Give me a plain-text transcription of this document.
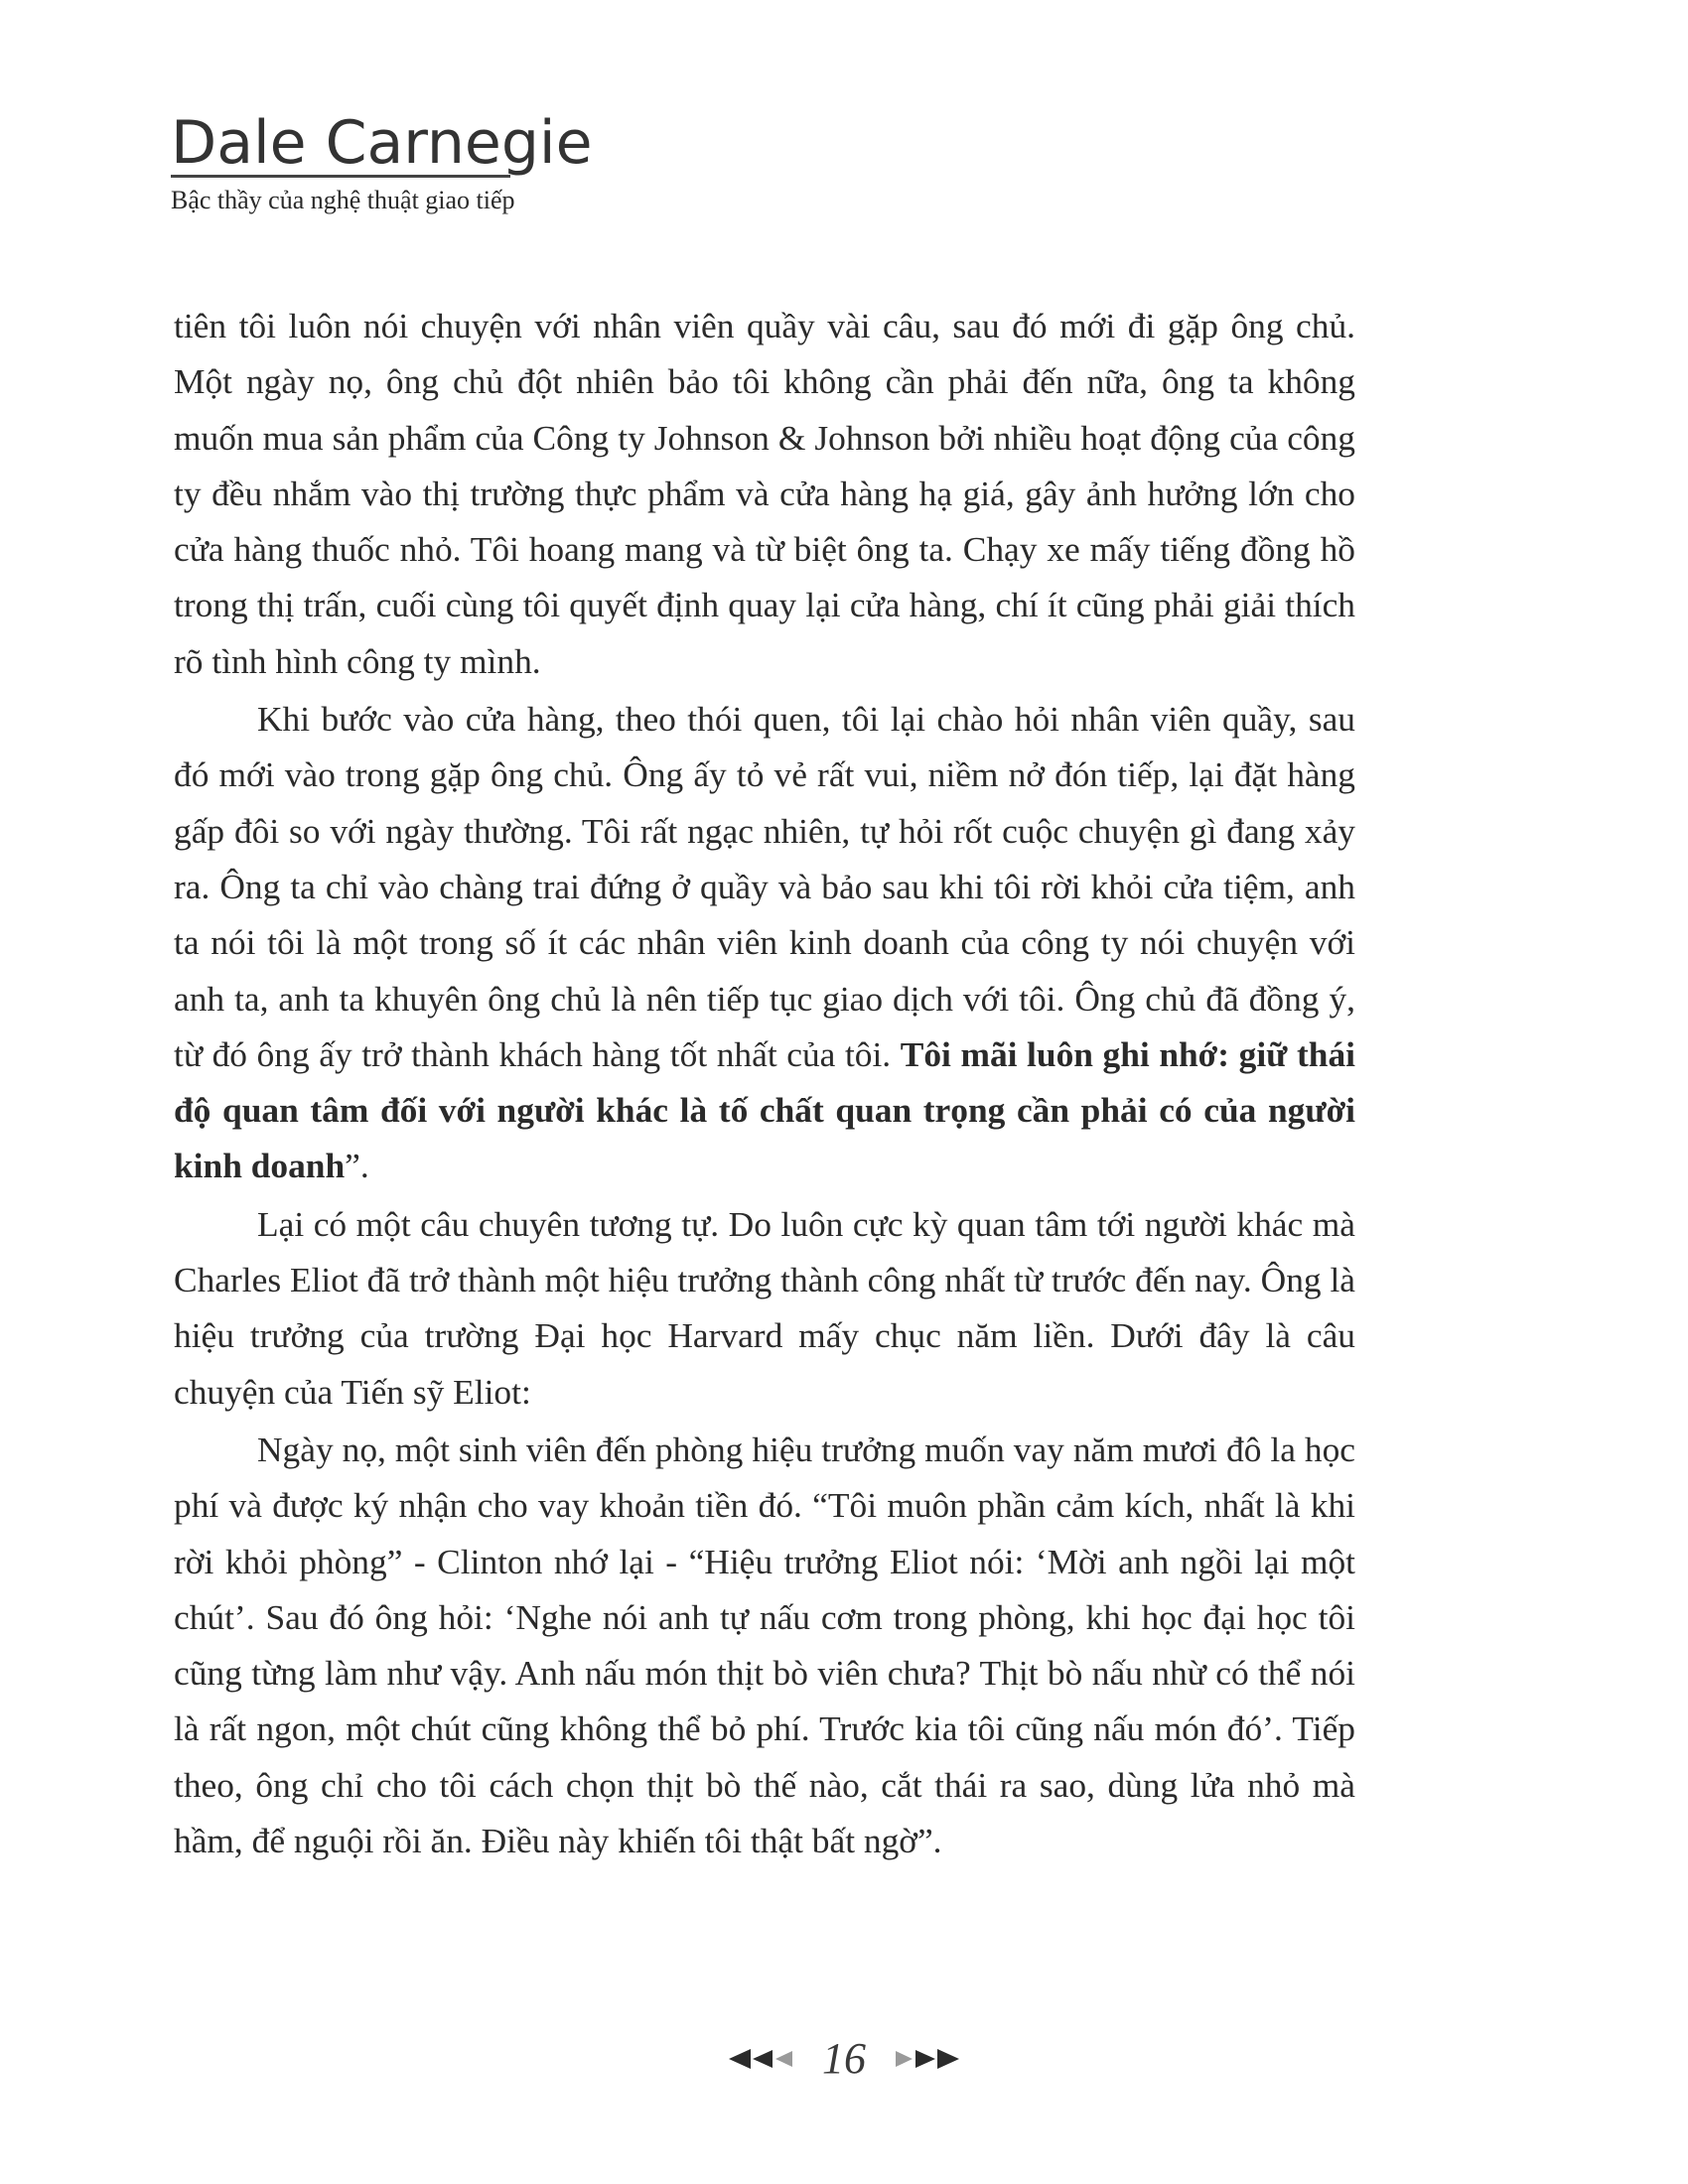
Dale Carnegie
Bậc thầy của nghệ thuật giao tiếp

tiên tôi luôn nói chuyện với nhân viên quầy vài câu, sau đó mới đi gặp ông chủ. Một ngày nọ, ông chủ đột nhiên bảo tôi không cần phải đến nữa, ông ta không muốn mua sản phẩm của Công ty Johnson & Johnson bởi nhiều hoạt động của công ty đều nhắm vào thị trường thực phẩm và cửa hàng hạ giá, gây ảnh hưởng lớn cho cửa hàng thuốc nhỏ. Tôi hoang mang và từ biệt ông ta. Chạy xe mấy tiếng đồng hồ trong thị trấn, cuối cùng tôi quyết định quay lại cửa hàng, chí ít cũng phải giải thích rõ tình hình công ty mình.

Khi bước vào cửa hàng, theo thói quen, tôi lại chào hỏi nhân viên quầy, sau đó mới vào trong gặp ông chủ. Ông ấy tỏ vẻ rất vui, niềm nở đón tiếp, lại đặt hàng gấp đôi so với ngày thường. Tôi rất ngạc nhiên, tự hỏi rốt cuộc chuyện gì đang xảy ra. Ông ta chỉ vào chàng trai đứng ở quầy và bảo sau khi tôi rời khỏi cửa tiệm, anh ta nói tôi là một trong số ít các nhân viên kinh doanh của công ty nói chuyện với anh ta, anh ta khuyên ông chủ là nên tiếp tục giao dịch với tôi. Ông chủ đã đồng ý, từ đó ông ấy trở thành khách hàng tốt nhất của tôi. Tôi mãi luôn ghi nhớ: giữ thái độ quan tâm đối với người khác là tố chất quan trọng cần phải có của người kinh doanh”.

Lại có một câu chuyên tương tự. Do luôn cực kỳ quan tâm tới người khác mà Charles Eliot đã trở thành một hiệu trưởng thành công nhất từ trước đến nay. Ông là hiệu trưởng của trường Đại học Harvard mấy chục năm liền. Dưới đây là câu chuyện của Tiến sỹ Eliot:

Ngày nọ, một sinh viên đến phòng hiệu trưởng muốn vay năm mươi đô la học phí và được ký nhận cho vay khoản tiền đó. “Tôi muôn phần cảm kích, nhất là khi rời khỏi phòng” - Clinton nhớ lại - “Hiệu trưởng Eliot nói: ‘Mời anh ngồi lại một chút’. Sau đó ông hỏi: ‘Nghe nói anh tự nấu cơm trong phòng, khi học đại học tôi cũng từng làm như vậy. Anh nấu món thịt bò viên chưa? Thịt bò nấu nhừ có thể nói là rất ngon, một chút cũng không thể bỏ phí. Trước kia tôi cũng nấu món đó’. Tiếp theo, ông chỉ cho tôi cách chọn thịt bò thế nào, cắt thái ra sao, dùng lửa nhỏ mà hầm, để nguội rồi ăn. Điều này khiến tôi thật bất ngờ”.

16
